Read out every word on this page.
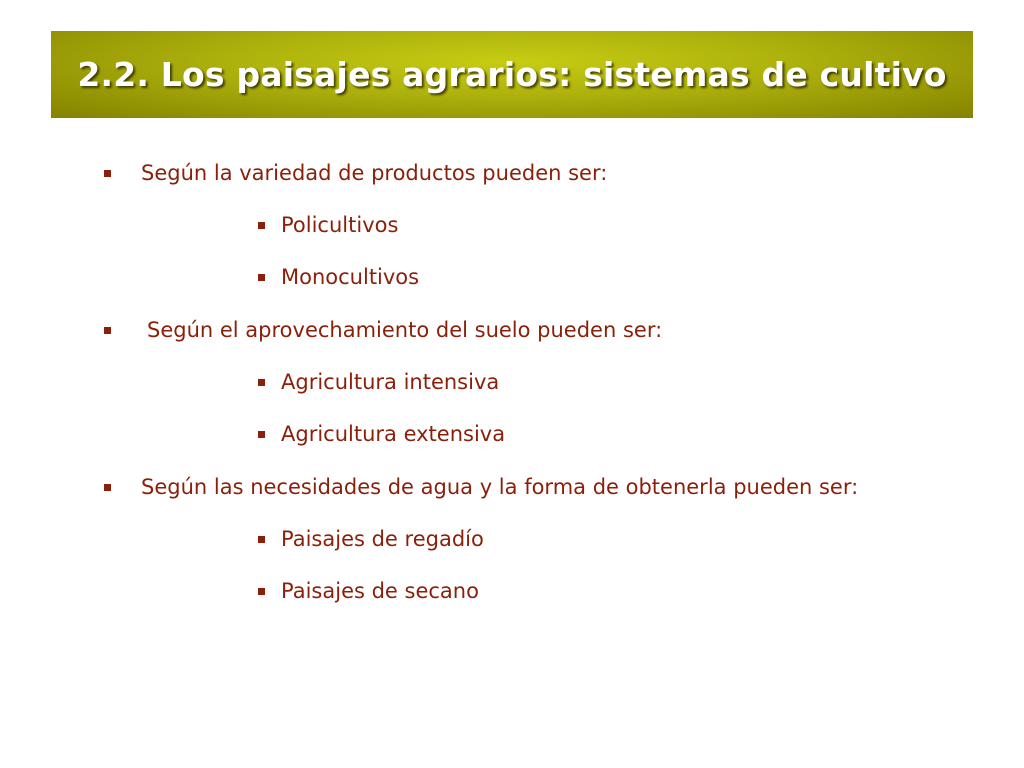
2.2. Los paisajes agrarios: sistemas de cultivo
Según la variedad de productos pueden ser:
Policultivos
Monocultivos
Según el aprovechamiento del suelo pueden ser:
Agricultura intensiva
Agricultura extensiva
Según las necesidades de agua y la forma de obtenerla pueden ser:
Paisajes de regadío
Paisajes de secano
